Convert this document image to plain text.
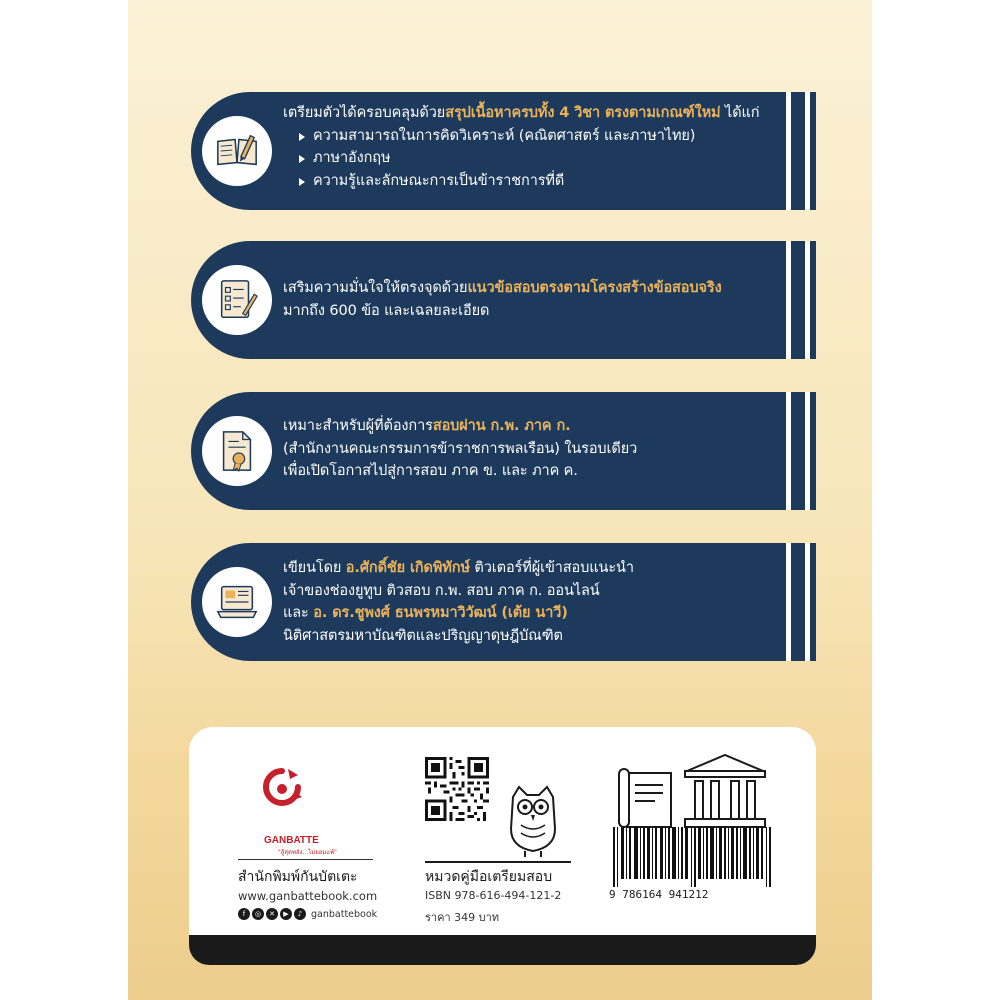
เตรียมตัวได้ครอบคลุมด้วยสรุปเนื้อหาครบทั้ง 4 วิชา ตรงตามเกณฑ์ใหม่ ได้แก่

ความสามารถในการคิดวิเคราะห์ (คณิตศาสตร์ และภาษาไทย)
ภาษาอังกฤษ
ความรู้และลักษณะการเป็นข้าราชการที่ดี

เสริมความมั่นใจให้ตรงจุดด้วยแนวข้อสอบตรงตามโครงสร้างข้อสอบจริง

มากถึง 600 ข้อ และเฉลยละเอียด

เหมาะสำหรับผู้ที่ต้องการสอบผ่าน ก.พ. ภาค ก.

(สำนักงานคณะกรรมการข้าราชการพลเรือน) ในรอบเดียว

เพื่อเปิดโอกาสไปสู่การสอบ ภาค ข. และ ภาค ค.

เขียนโดย อ.ศักดิ์ชัย เกิดพิทักษ์ ติวเตอร์ที่ผู้เข้าสอบแนะนำ

เจ้าของช่องยูทูบ ติวสอบ ก.พ. สอบ ภาค ก. ออนไลน์

และ อ. ดร.ชูพงศ์ ธนพรหมาวิวัฒน์ (เต้ย นาวี)

นิติศาสตรมหาบัณฑิตและปริญญาดุษฎีบัณฑิต

GANBATTE
"สู้สุดพลัง...ไม่ยอมแพ้"
สำนักพิมพ์กันบัตเตะ
www.ganbattebook.com
f	◎	✕	▶	♪ ganbattebook
หมวดคู่มือเตรียมสอบ
ISBN 978-616-494-121-2
ราคา 349 บาท
9 786164 941212
